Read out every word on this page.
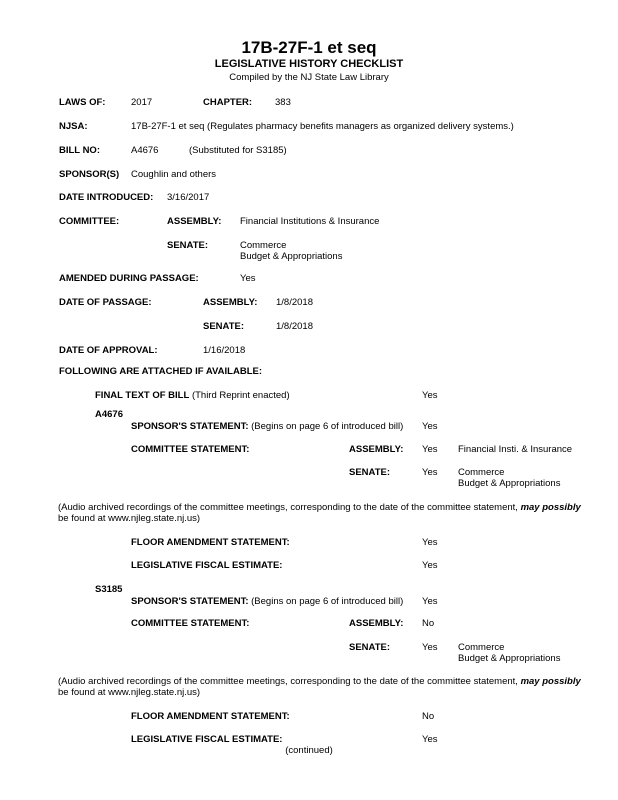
17B-27F-1 et seq
LEGISLATIVE HISTORY CHECKLIST
Compiled by the NJ State Law Library
LAWS OF:	2017	CHAPTER: 383
NJSA:	17B-27F-1 et seq (Regulates pharmacy benefits managers as organized delivery systems.)
BILL NO:	A4676	(Substituted for S3185)
SPONSOR(S) Coughlin and others
DATE INTRODUCED: 3/16/2017
COMMITTEE:	ASSEMBLY: Financial Institutions & Insurance
SENATE:	Commerce
Budget & Appropriations
AMENDED DURING PASSAGE:	Yes
DATE OF PASSAGE:	ASSEMBLY: 1/8/2018
SENATE:	1/8/2018
DATE OF APPROVAL:	1/16/2018
FOLLOWING ARE ATTACHED IF AVAILABLE:
FINAL TEXT OF BILL (Third Reprint enacted)	Yes
A4676
SPONSOR'S STATEMENT: (Begins on page 6 of introduced bill) Yes
COMMITTEE STATEMENT:	ASSEMBLY: Yes Financial Insti. & Insurance
SENATE:	Yes Commerce
Budget & Appropriations
(Audio archived recordings of the committee meetings, corresponding to the date of the committee statement, may possibly
be found at www.njleg.state.nj.us)
FLOOR AMENDMENT STATEMENT:	Yes
LEGISLATIVE FISCAL ESTIMATE:	Yes
S3185
SPONSOR'S STATEMENT: (Begins on page 6 of introduced bill) Yes
COMMITTEE STATEMENT:	ASSEMBLY: No
SENATE:	Yes Commerce
Budget & Appropriations
(Audio archived recordings of the committee meetings, corresponding to the date of the committee statement, may possibly
be found at www.njleg.state.nj.us)
FLOOR AMENDMENT STATEMENT:	No
LEGISLATIVE FISCAL ESTIMATE:	Yes
(continued)
